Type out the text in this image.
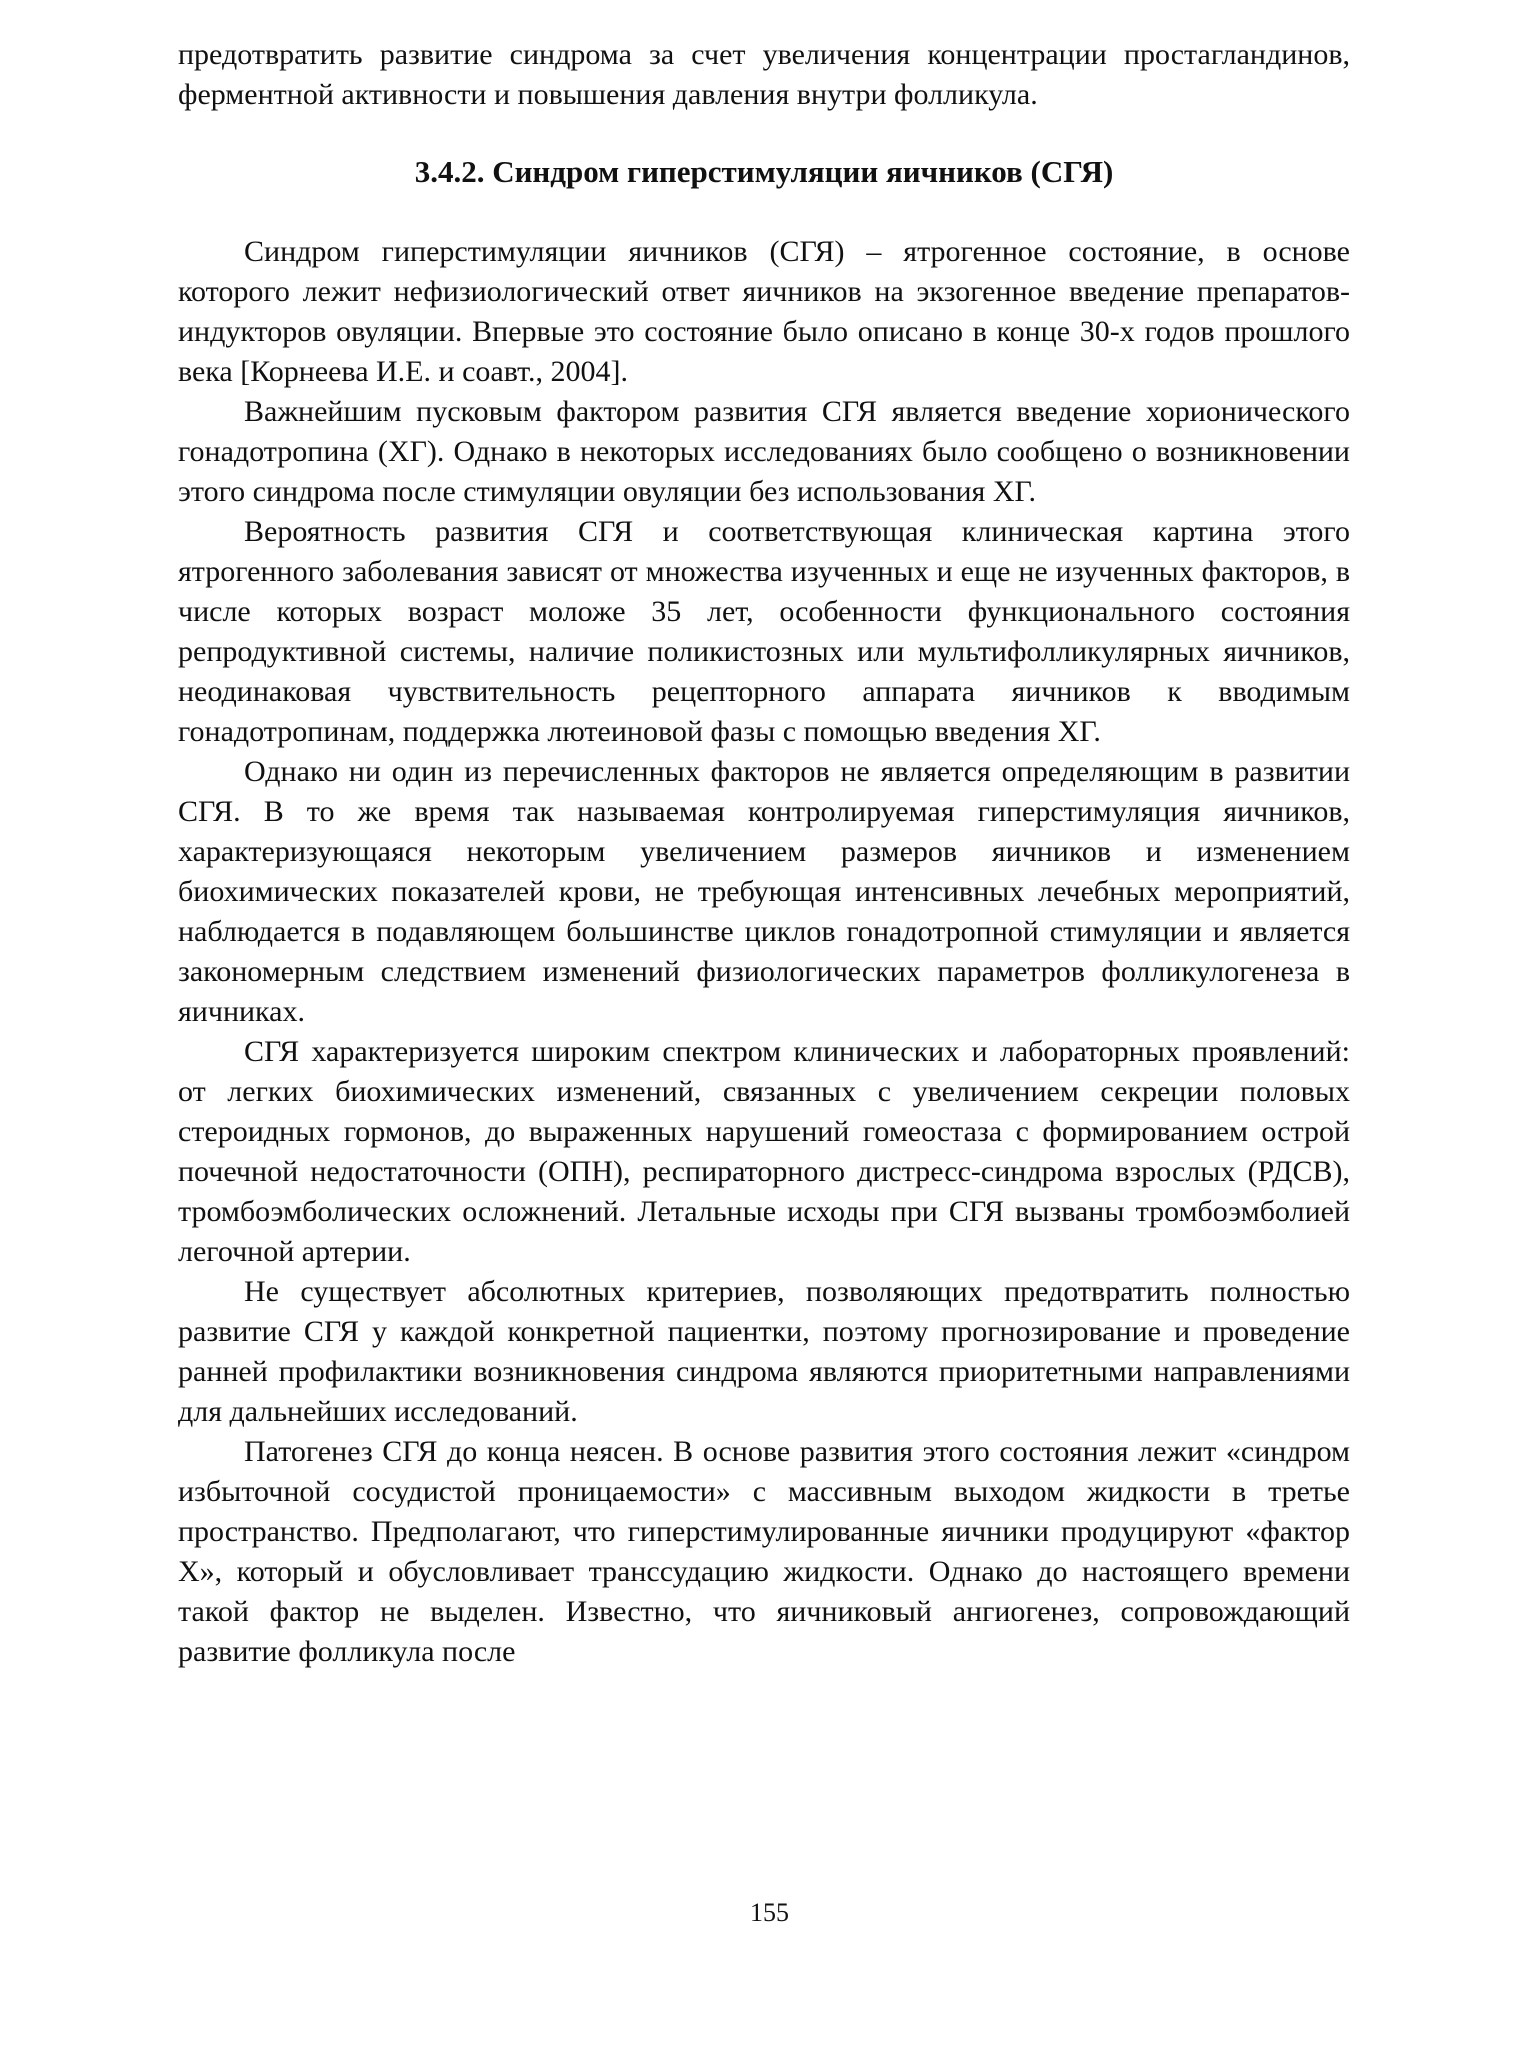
предотвратить развитие синдрома за счет увеличения концентрации простагландинов, ферментной активности и повышения давления внутри фолликула.

3.4.2. Синдром гиперстимуляции яичников (СГЯ)

Синдром гиперстимуляции яичников (СГЯ) – ятрогенное состояние, в основе которого лежит нефизиологический ответ яичников на экзогенное введение препаратов-индукторов овуляции. Впервые это состояние было описано в конце 30-х годов прошлого века [Корнеева И.Е. и соавт., 2004].

Важнейшим пусковым фактором развития СГЯ является введение хорионического гонадотропина (ХГ). Однако в некоторых исследованиях было сообщено о возникновении этого синдрома после стимуляции овуляции без использования ХГ.

Вероятность развития СГЯ и соответствующая клиническая картина этого ятрогенного заболевания зависят от множества изученных и еще не изученных факторов, в числе которых возраст моложе 35 лет, особенности функционального состояния репродуктивной системы, наличие поликистозных или мультифолликулярных яичников, неодинаковая чувствительность рецепторного аппарата яичников к вводимым гонадотропинам, поддержка лютеиновой фазы с помощью введения ХГ.

Однако ни один из перечисленных факторов не является определяющим в развитии СГЯ. В то же время так называемая контролируемая гиперстимуляция яичников, характеризующаяся некоторым увеличением размеров яичников и изменением биохимических показателей крови, не требующая интенсивных лечебных мероприятий, наблюдается в подавляющем большинстве циклов гонадотропной стимуляции и является закономерным следствием изменений физиологических параметров фолликулогенеза в яичниках.

СГЯ характеризуется широким спектром клинических и лабораторных проявлений: от легких биохимических изменений, связанных с увеличением секреции половых стероидных гормонов, до выраженных нарушений гомеостаза с формированием острой почечной недостаточности (ОПН), респираторного дистресс-синдрома взрослых (РДСВ), тромбоэмболических осложнений. Летальные исходы при СГЯ вызваны тромбоэмболией легочной артерии.

Не существует абсолютных критериев, позволяющих предотвратить полностью развитие СГЯ у каждой конкретной пациентки, поэтому прогнозирование и проведение ранней профилактики возникновения синдрома являются приоритетными направлениями для дальнейших исследований.

Патогенез СГЯ до конца неясен. В основе развития этого состояния лежит «синдром избыточной сосудистой проницаемости» с массивным выходом жидкости в третье пространство. Предполагают, что гиперстимулированные яичники продуцируют «фактор Х», который и обусловливает транссудацию жидкости. Однако до настоящего времени такой фактор не выделен. Известно, что яичниковый ангиогенез, сопровождающий развитие фолликула после

155
